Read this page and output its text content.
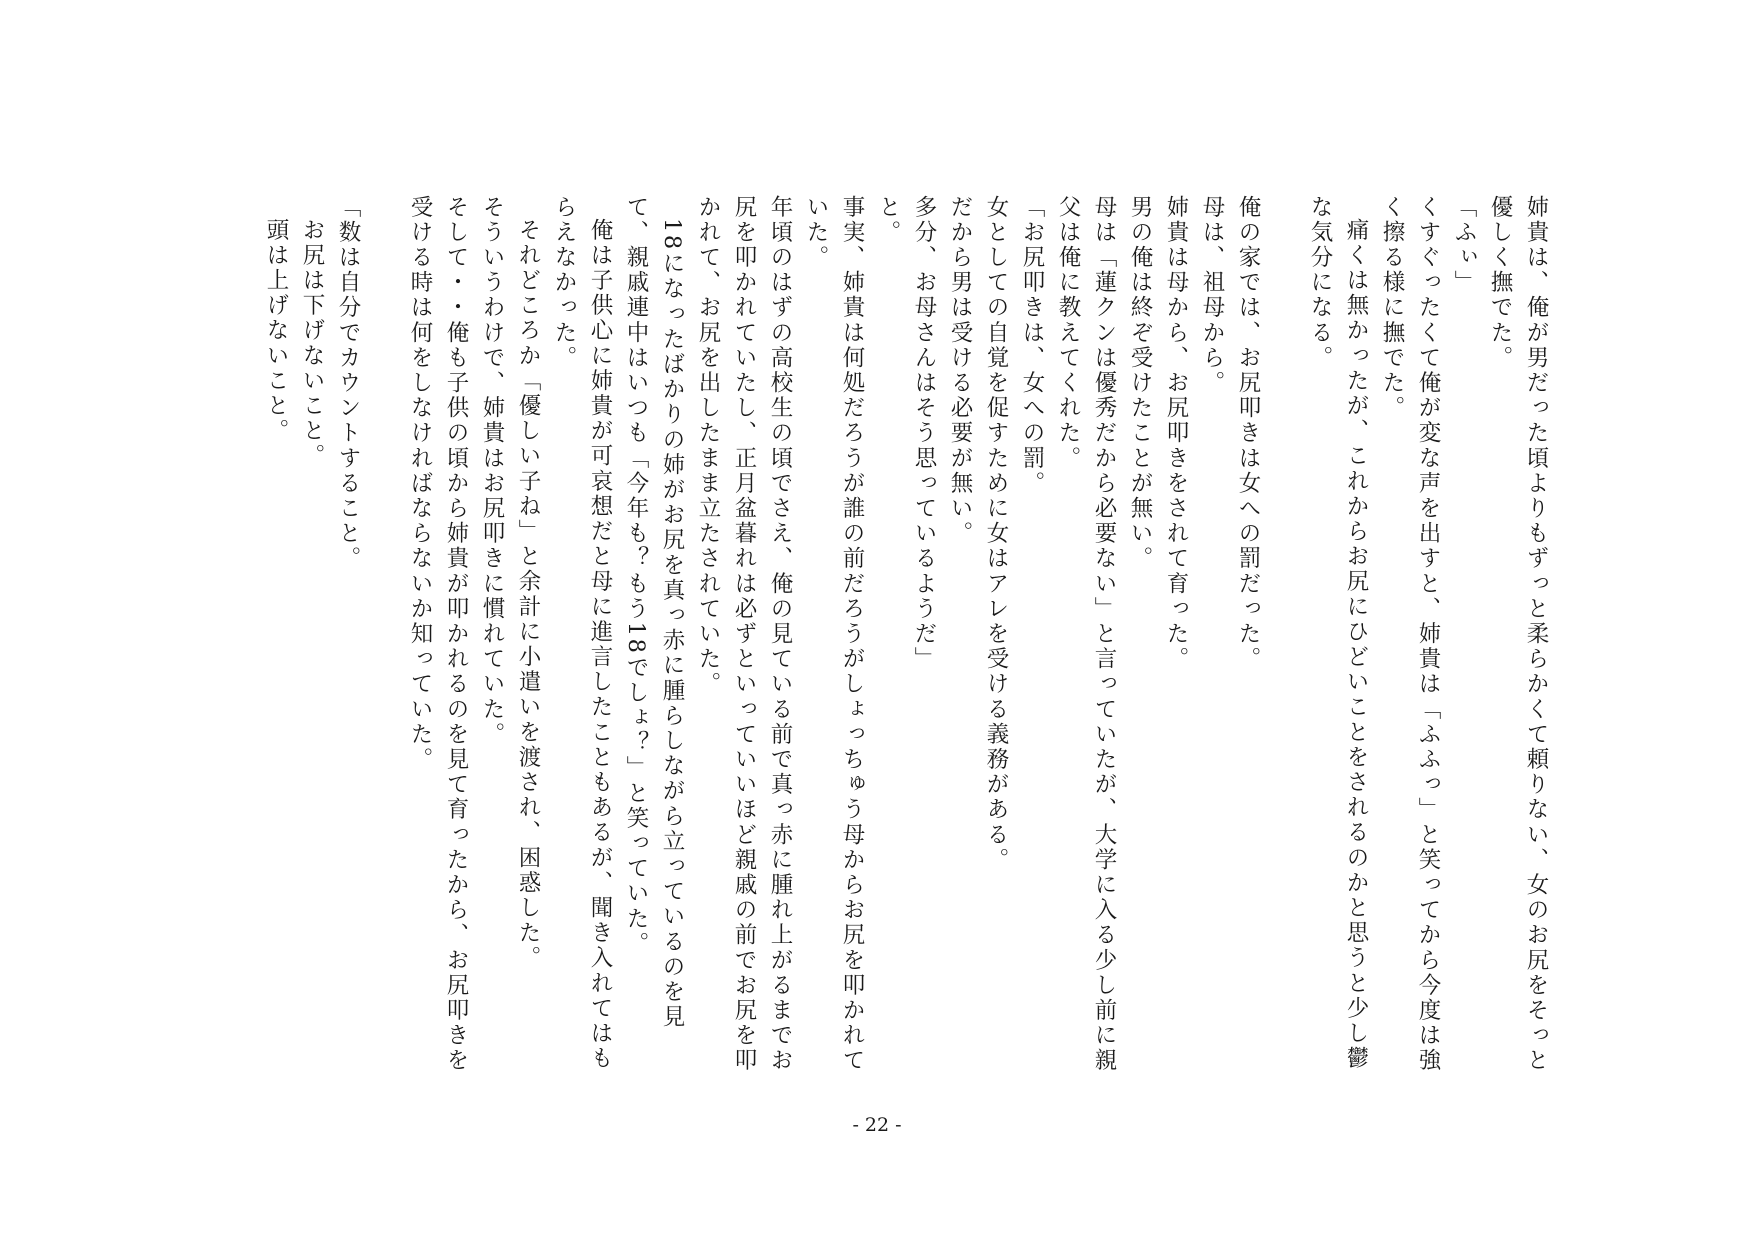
姉貴は、俺が男だった頃よりもずっと柔らかくて頼りない、女のお尻をそっと優しく撫でた。

「ふぃ」

くすぐったくて俺が変な声を出すと、姉貴は「ふふっ」と笑ってから今度は強く擦る様に撫でた。

痛くは無かったが、これからお尻にひどいことをされるのかと思うと少し鬱な気分になる。

俺の家では、お尻叩きは女への罰だった。

母は、祖母から。

姉貴は母から、お尻叩きをされて育った。

男の俺は終ぞ受けたことが無い。

母は「蓮クンは優秀だから必要ない」と言っていたが、大学に入る少し前に親父は俺に教えてくれた。

「お尻叩きは、女への罰。

女としての自覚を促すために女はアレを受ける義務がある。

だから男は受ける必要が無い。

多分、お母さんはそう思っているようだ」

と。

事実、姉貴は何処だろうが誰の前だろうがしょっちゅう母からお尻を叩かれていた。

年頃のはずの高校生の頃でさえ、俺の見ている前で真っ赤に腫れ上がるまでお尻を叩かれていたし、正月盆暮れは必ずといっていいほど親戚の前でお尻を叩かれて、お尻を出したまま立たされていた。

18になったばかりの姉がお尻を真っ赤に腫らしながら立っているのを見て、親戚連中はいつも「今年も？もう18でしょ？」と笑っていた。

俺は子供心に姉貴が可哀想だと母に進言したこともあるが、聞き入れてはもらえなかった。

それどころか「優しい子ね」と余計に小遣いを渡され、困惑した。

そういうわけで、姉貴はお尻叩きに慣れていた。

そして・・俺も子供の頃から姉貴が叩かれるのを見て育ったから、お尻叩きを受ける時は何をしなければならないか知っていた。

「数は自分でカウントすること。

お尻は下げないこと。

頭は上げないこと。

- 22 -
